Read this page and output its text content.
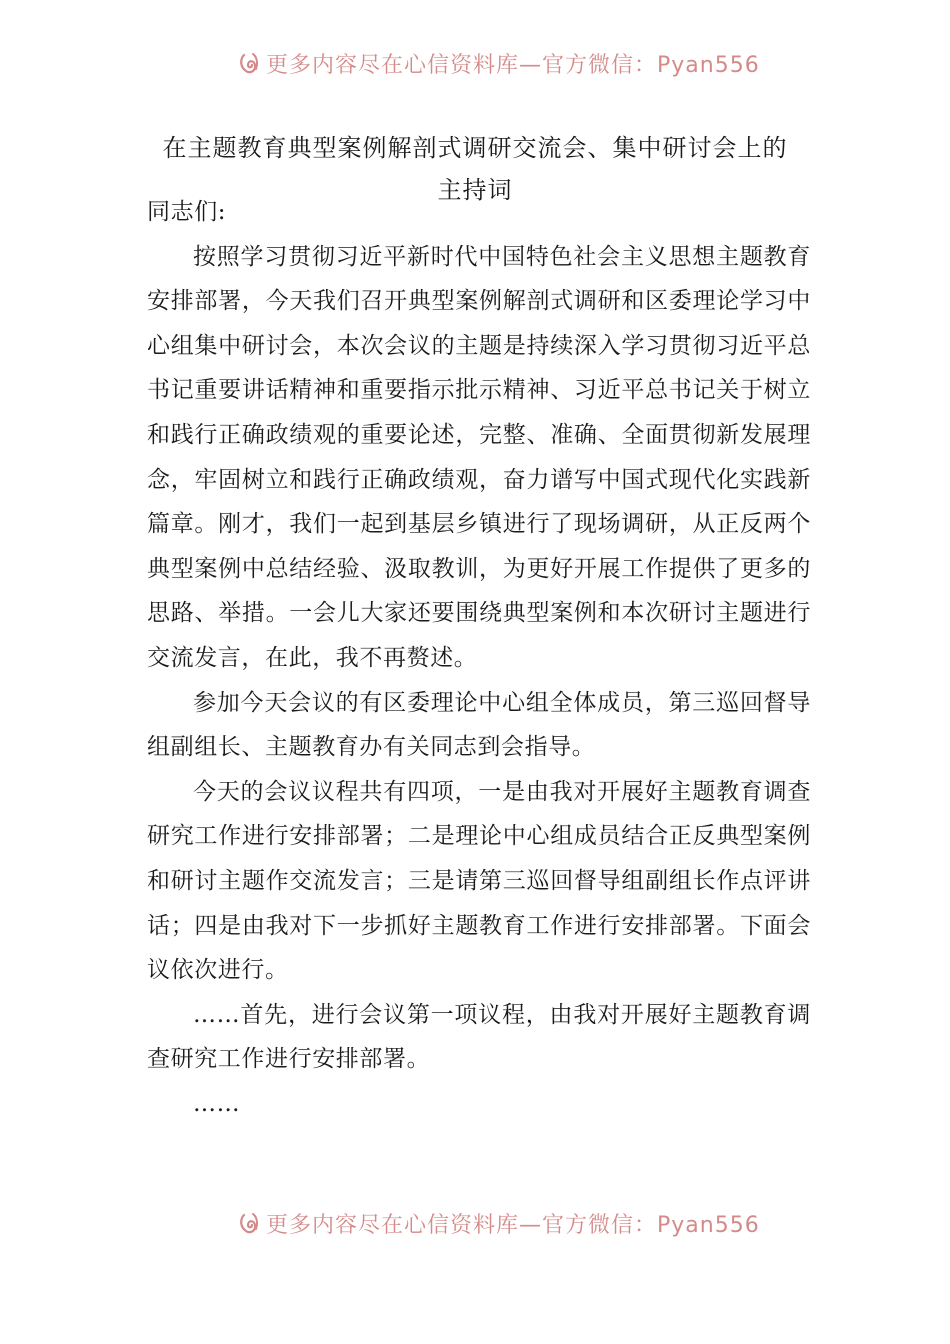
更多内容尽在心信资料库—官方微信：Pyan556
在主题教育典型案例解剖式调研交流会、集中研讨会上的
主持词

同志们:

按照学习贯彻习近平新时代中国特色社会主义思想主题教育安排部署，今天我们召开典型案例解剖式调研和区委理论学习中心组集中研讨会，本次会议的主题是持续深入学习贯彻习近平总书记重要讲话精神和重要指示批示精神、习近平总书记关于树立和践行正确政绩观的重要论述，完整、准确、全面贯彻新发展理念，牢固树立和践行正确政绩观，奋力谱写中国式现代化实践新篇章。刚才，我们一起到基层乡镇进行了现场调研，从正反两个典型案例中总结经验、汲取教训，为更好开展工作提供了更多的思路、举措。一会儿大家还要围绕典型案例和本次研讨主题进行交流发言，在此，我不再赘述。

参加今天会议的有区委理论中心组全体成员，第三巡回督导组副组长、主题教育办有关同志到会指导。

今天的会议议程共有四项，一是由我对开展好主题教育调查研究工作进行安排部署；二是理论中心组成员结合正反典型案例和研讨主题作交流发言；三是请第三巡回督导组副组长作点评讲话；四是由我对下一步抓好主题教育工作进行安排部署。下面会议依次进行。

……首先，进行会议第一项议程，由我对开展好主题教育调查研究工作进行安排部署。

……

更多内容尽在心信资料库—官方微信：Pyan556
